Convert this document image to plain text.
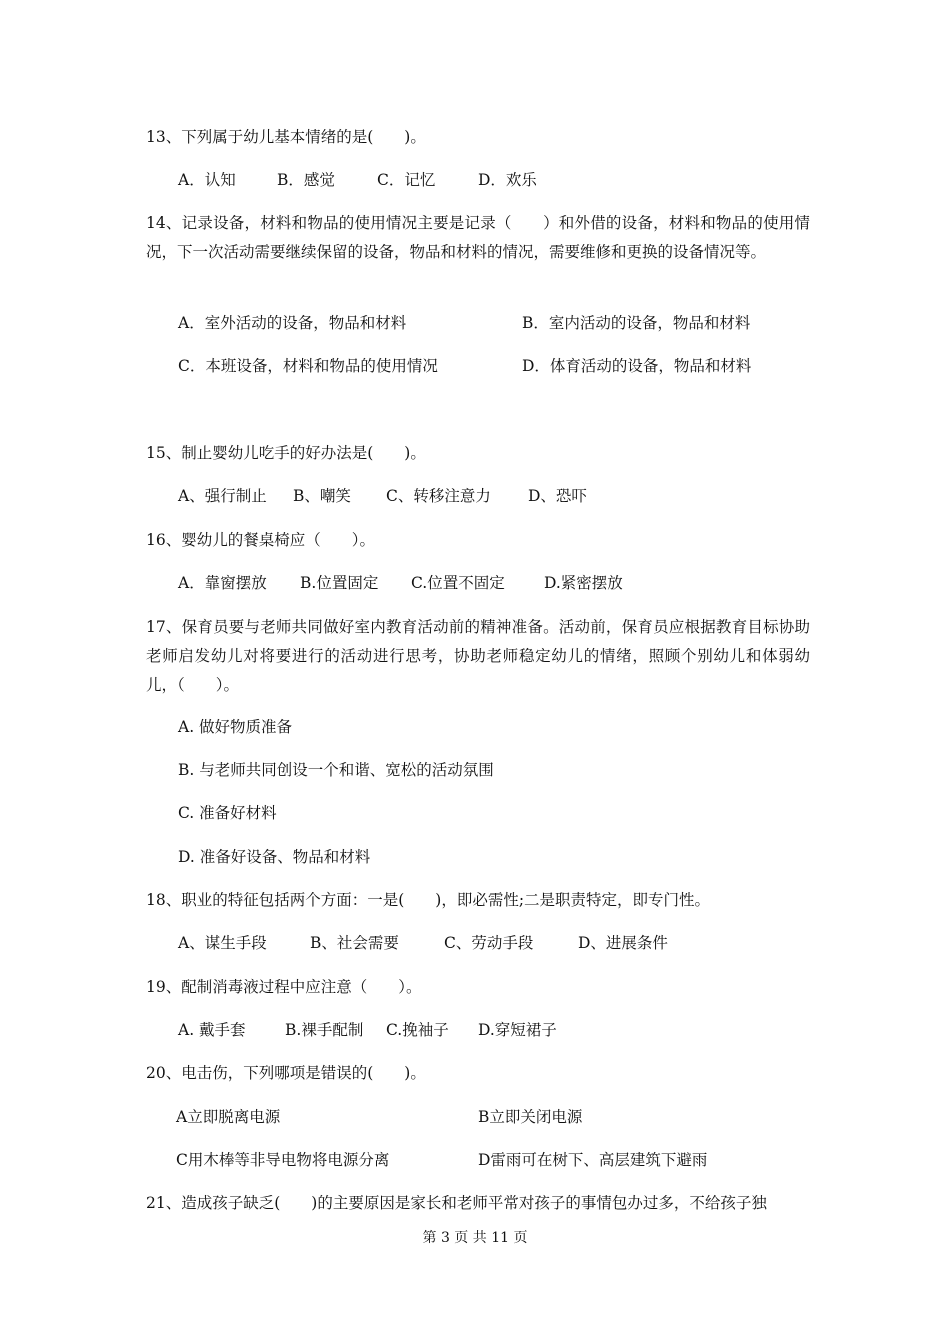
13、下列属于幼儿基本情绪的是(　　)。
A．认知	B．感觉	C．记忆	D．欢乐
14、记录设备，材料和物品的使用情况主要是记录（　　）和外借的设备，材料和物品的使用情况，下一次活动需要继续保留的设备，物品和材料的情况，需要维修和更换的设备情况等。
A．室外活动的设备，物品和材料	B．室内活动的设备，物品和材料
C．本班设备，材料和物品的使用情况	D．体育活动的设备，物品和材料
15、制止婴幼儿吃手的好办法是(　　)。
A、强行制止 B、嘲笑 C、转移注意力 D、恐吓
16、婴幼儿的餐桌椅应（　　）。
A．靠窗摆放 B.位置固定 C.位置不固定	D.紧密摆放
17、保育员要与老师共同做好室内教育活动前的精神准备。活动前，保育员应根据教育目标协助老师启发幼儿对将要进行的活动进行思考，协助老师稳定幼儿的情绪，照顾个别幼儿和体弱幼儿，（　　）。
A. 做好物质准备
B. 与老师共同创设一个和谐、宽松的活动氛围
C. 准备好材料
D. 准备好设备、物品和材料
18、职业的特征包括两个方面：一是(　　)，即必需性;二是职责特定，即专门性。
A、谋生手段	B、社会需要	C、劳动手段	D、进展条件
19、配制消毒液过程中应注意（　　）。
A. 戴手套	B.裸手配制 C.挽袖子 D.穿短裙子
20、电击伤，下列哪项是错误的(　　)。
A立即脱离电源	B立即关闭电源
C用木棒等非导电物将电源分离	D雷雨可在树下、高层建筑下避雨
21、造成孩子缺乏(　　)的主要原因是家长和老师平常对孩子的事情包办过多，不给孩子独
第 3 页 共 11 页
